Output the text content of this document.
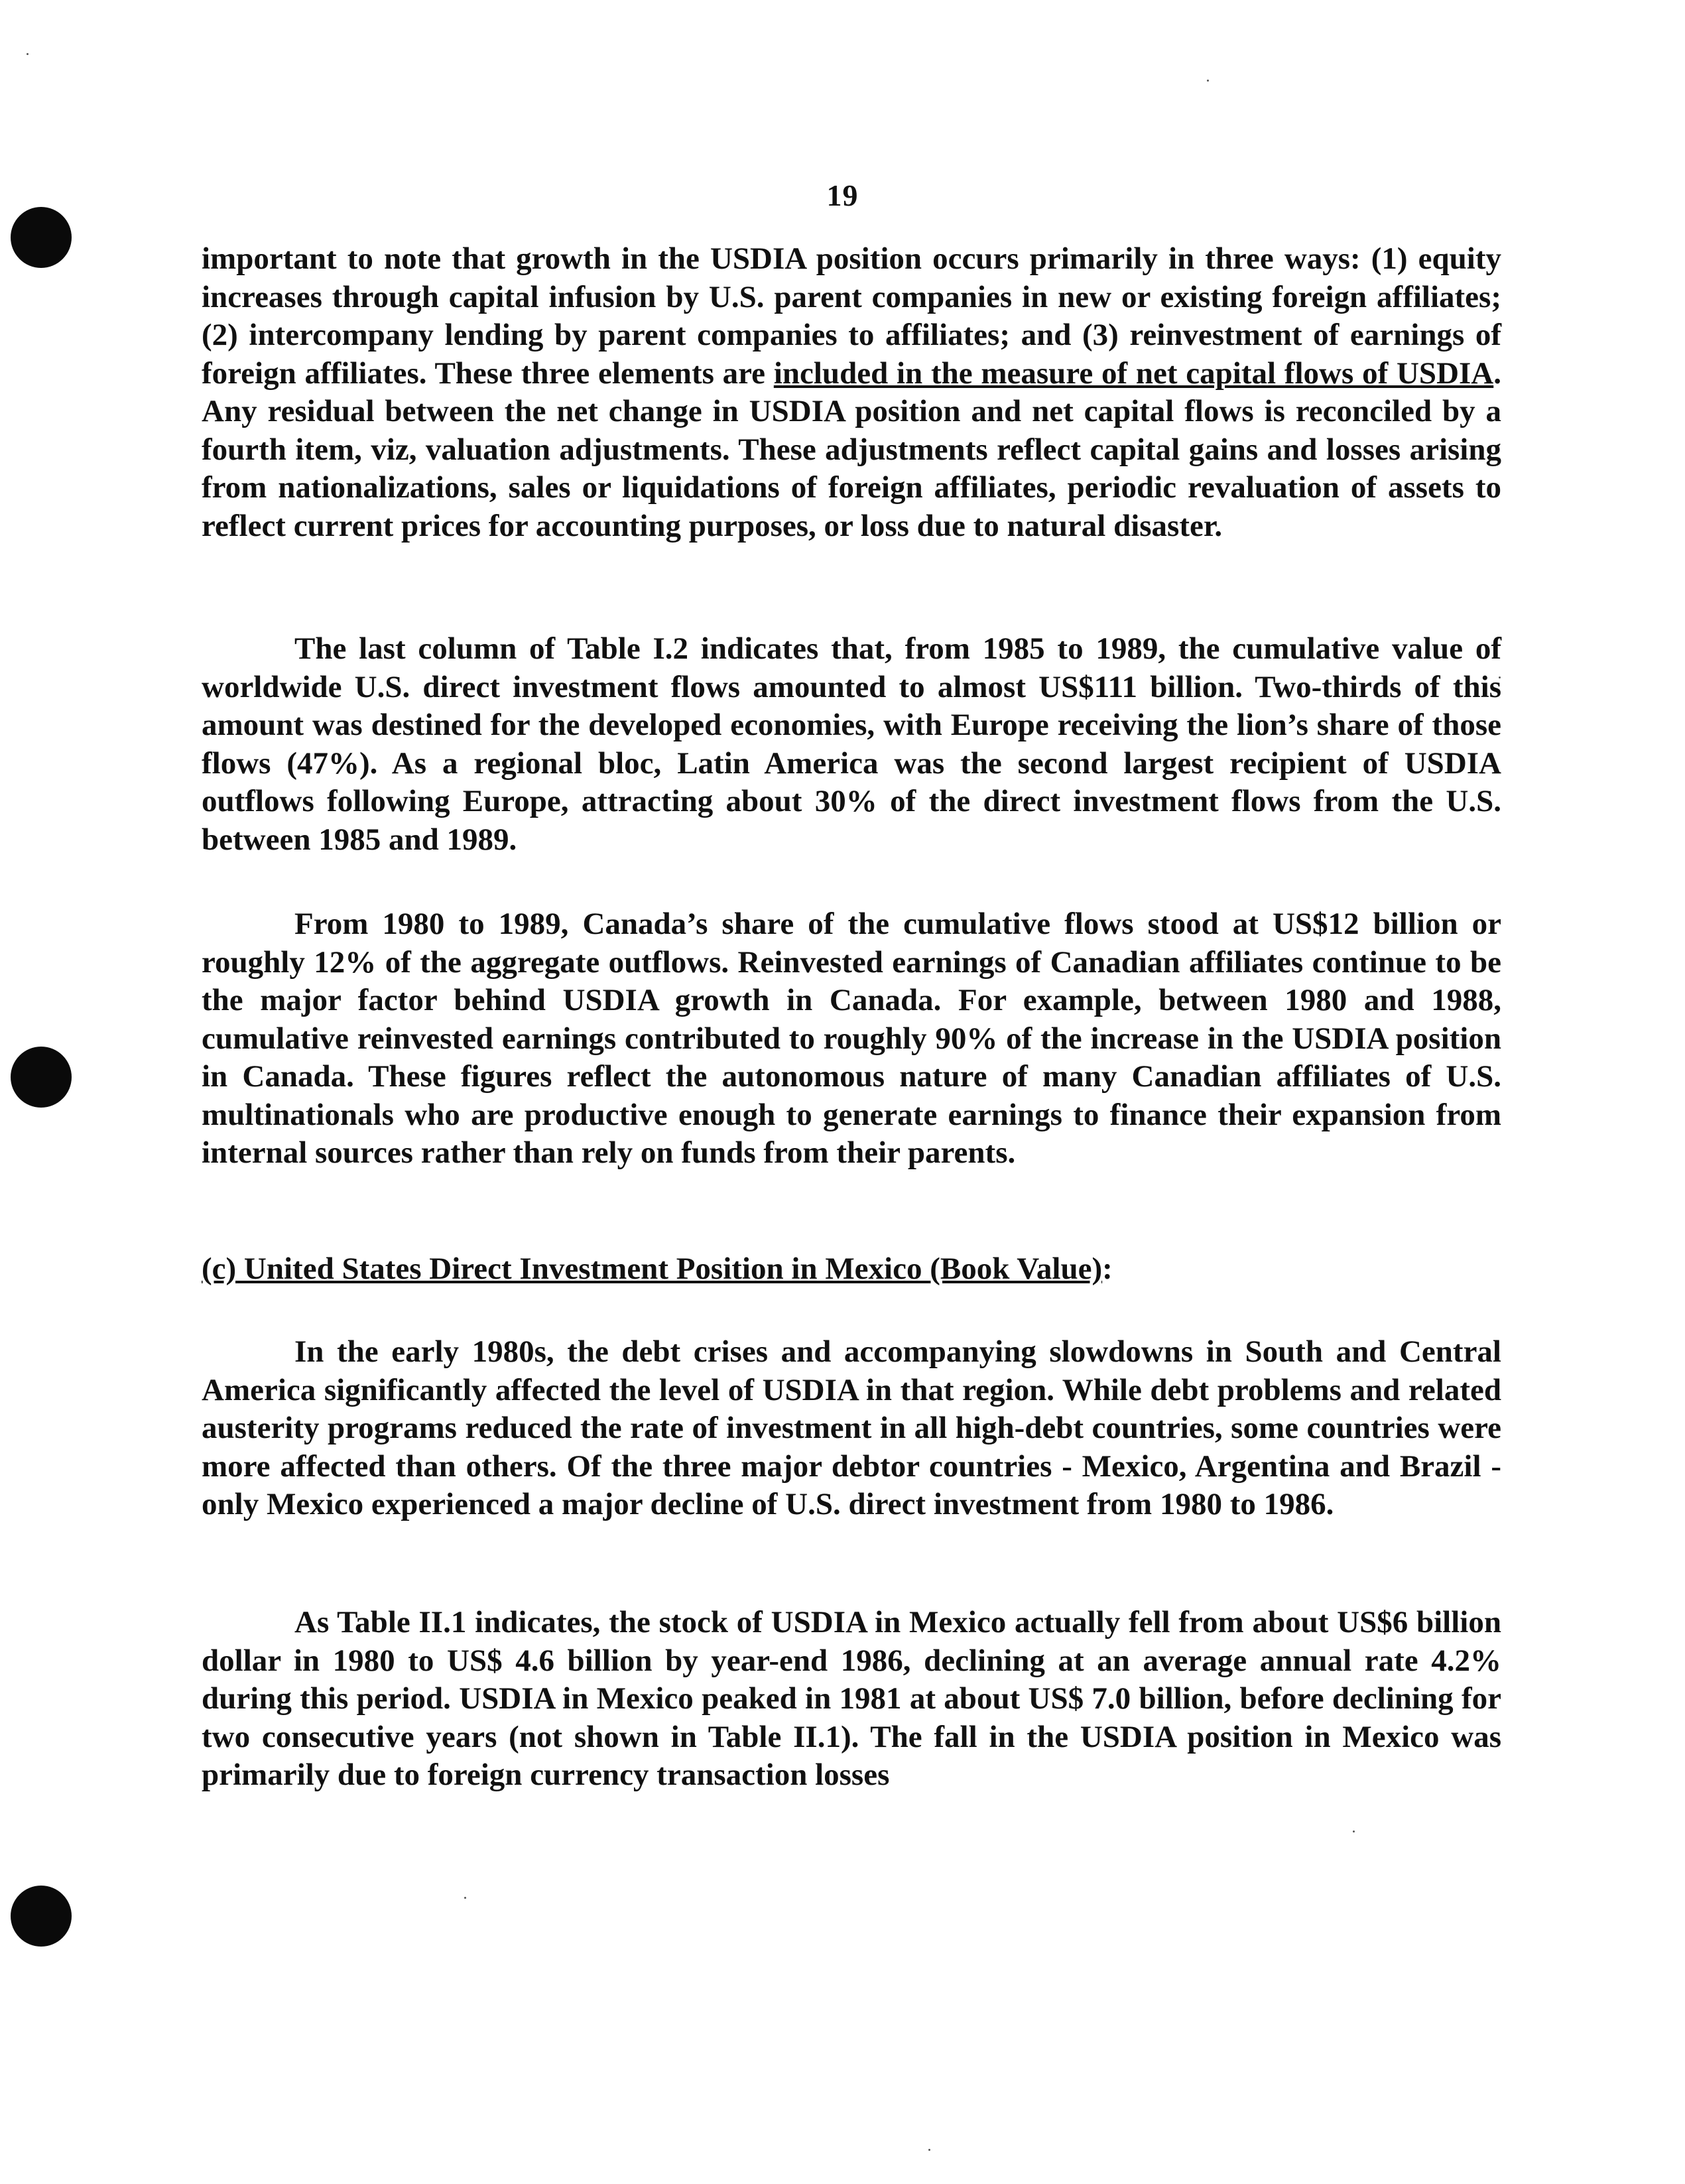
19

important to note that growth in the USDIA position occurs primarily in three ways: (1) equity increases through capital infusion by U.S. parent companies in new or existing foreign affiliates; (2) intercompany lending by parent companies to affiliates; and (3) reinvestment of earnings of foreign affiliates. These three elements are included in the measure of net capital flows of USDIA. Any residual between the net change in USDIA position and net capital flows is reconciled by a fourth item, viz, valuation adjustments. These adjustments reflect capital gains and losses arising from nationalizations, sales or liquidations of foreign affiliates, periodic revaluation of assets to reflect current prices for accounting purposes, or loss due to natural disaster.

The last column of Table I.2 indicates that, from 1985 to 1989, the cumulative value of worldwide U.S. direct investment flows amounted to almost US$111 billion. Two-thirds of this amount was destined for the developed economies, with Europe receiving the lion’s share of those flows (47%). As a regional bloc, Latin America was the second largest recipient of USDIA outflows following Europe, attracting about 30% of the direct investment flows from the U.S. between 1985 and 1989.

From 1980 to 1989, Canada’s share of the cumulative flows stood at US$12 billion or roughly 12% of the aggregate outflows. Reinvested earnings of Canadian affiliates continue to be the major factor behind USDIA growth in Canada. For example, between 1980 and 1988, cumulative reinvested earnings contributed to roughly 90% of the increase in the USDIA position in Canada. These figures reflect the autonomous nature of many Canadian affiliates of U.S. multinationals who are productive enough to generate earnings to finance their expansion from internal sources rather than rely on funds from their parents.

(c) United States Direct Investment Position in Mexico (Book Value):

In the early 1980s, the debt crises and accompanying slowdowns in South and Central America significantly affected the level of USDIA in that region. While debt problems and related austerity programs reduced the rate of investment in all high-debt countries, some countries were more affected than others. Of the three major debtor countries - Mexico, Argentina and Brazil - only Mexico experienced a major decline of U.S. direct investment from 1980 to 1986.

As Table II.1 indicates, the stock of USDIA in Mexico actually fell from about US$6 billion dollar in 1980 to US$ 4.6 billion by year-end 1986, declining at an average annual rate 4.2% during this period. USDIA in Mexico peaked in 1981 at about US$ 7.0 billion, before declining for two consecutive years (not shown in Table II.1). The fall in the USDIA position in Mexico was primarily due to foreign currency transaction losses
